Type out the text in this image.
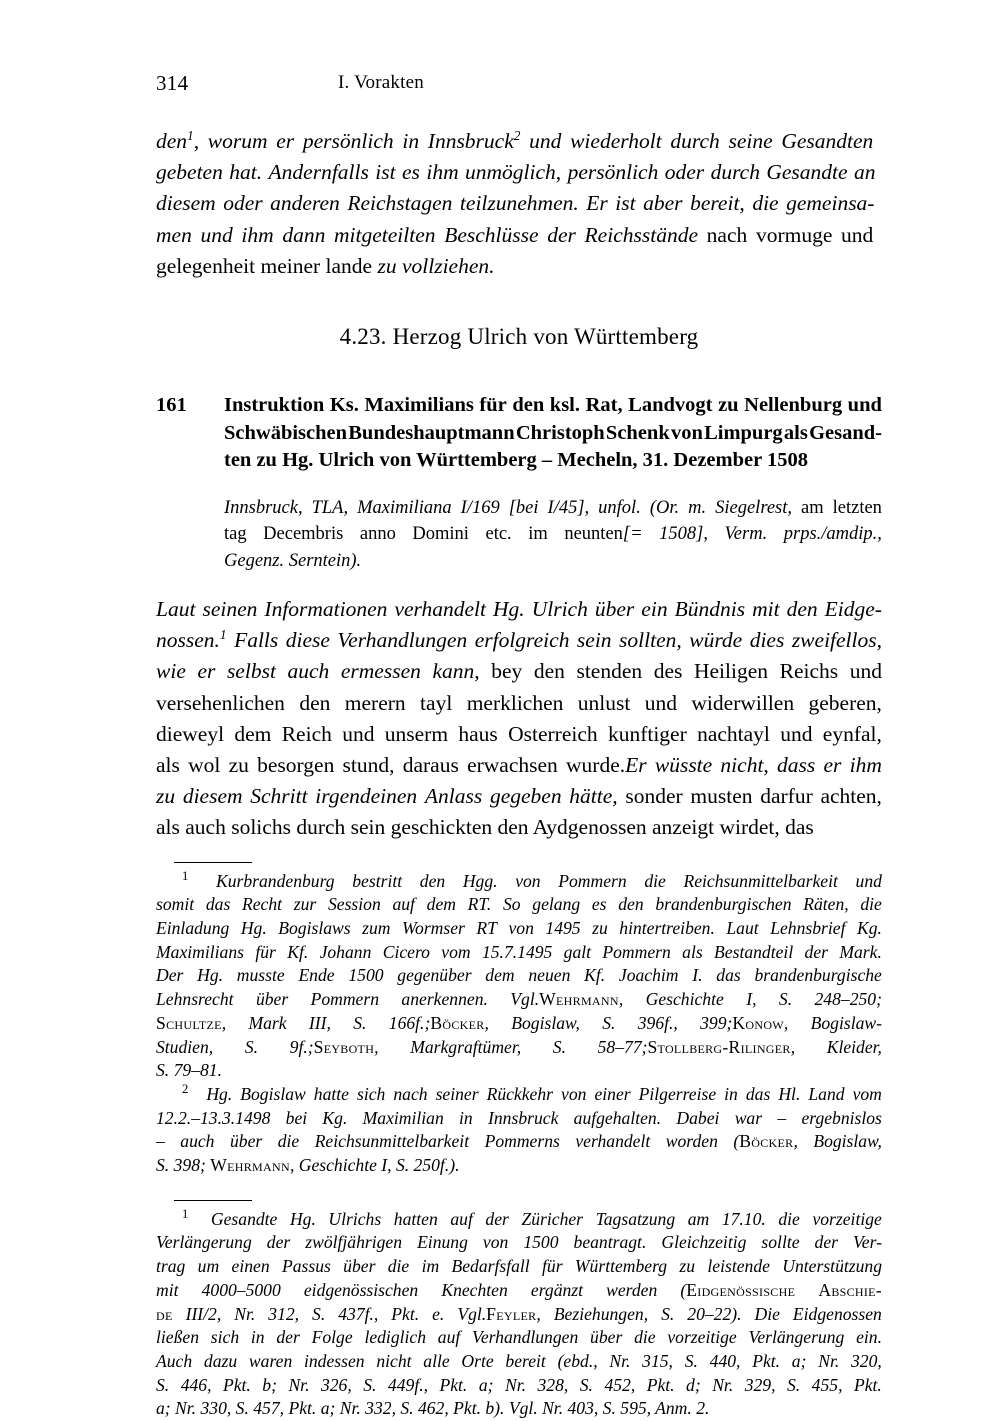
314	I. Vorakten
den$^1$, worum er persönlich in Innsbruck$^2$ und wiederholt durch seine Gesandten
gebeten hat. Andernfalls ist es ihm unmöglich, persönlich oder durch Gesandte an
diesem oder anderen Reichstagen teilzunehmen. Er ist aber bereit, die gemeinsa-
men und ihm dann mitgeteilten Beschlüsse der Reichsstände nach vormuge und
gelegenheit meiner lande zu vollziehen.
4.23. Herzog Ulrich von Württemberg
161 Instruktion Ks. Maximilians für den ksl. Rat, Landvogt zu Nellenburg und
Schwäbischen Bundeshauptmann Christoph Schenk von Limpurg als Gesand-
ten zu Hg. Ulrich von Württemberg – Mecheln, 31. Dezember 1508
Innsbruck, TLA, Maximiliana I/169 [bei I/45], unfol. (Or. m. Siegelrest, am letzten
tag Decembris anno Domini etc. im neunten[= 1508], Verm. prps./amdip.,
Gegenz. Serntein).
Laut seinen Informationen verhandelt Hg. Ulrich über ein Bündnis mit den Eidge-
nossen.$^1$ Falls diese Verhandlungen erfolgreich sein sollten, würde dies zweifellos,
wie er selbst auch ermessen kann, bey den stenden des Heiligen Reichs und
versehenlichen den merern tayl merklichen unlust und widerwillen geberen,
dieweyl dem Reich und unserm haus Osterreich kunftiger nachtayl und eynfal,
als wol zu besorgen stund, daraus erwachsen wurde.Er wüsste nicht, dass er ihm
zu diesem Schritt irgendeinen Anlass gegeben hätte, sonder musten darfur achten,
als auch solichs durch sein geschickten den Aydgenossen anzeigt wirdet, das
$^1$	Kurbrandenburg bestritt den Hgg. von Pommern die Reichsunmittelbarkeit und
somit das Recht zur Session auf dem RT. So gelang es den brandenburgischen Räten, die
Einladung Hg. Bogislaws zum Wormser RT von 1495 zu hintertreiben. Laut Lehnsbrief Kg.
Maximilians für Kf. Johann Cicero vom 15.7.1495 galt Pommern als Bestandteil der Mark.
Der Hg. musste Ende 1500 gegenüber dem neuen Kf. Joachim I. das brandenburgische
Lehnsrecht über Pommern anerkennen. Vgl.Wehrmann, Geschichte I, S. 248–250;
Schultze, Mark III, S. 166f.;Böcker, Bogislaw, S. 396f., 399;Konow, Bogislaw-
Studien, S. 9f.;Seyboth, Markgraftümer, S. 58–77;Stollberg-Rilinger, Kleider,
S. 79–81.
$^2$	Hg. Bogislaw hatte sich nach seiner Rückkehr von einer Pilgerreise in das Hl. Land vom
12.2.–13.3.1498 bei Kg. Maximilian in Innsbruck aufgehalten. Dabei war – ergebnislos
– auch über die Reichsunmittelbarkeit Pommerns verhandelt worden (Böcker, Bogislaw,
S. 398; Wehrmann , Geschichte I, S. 250f.).
$^1$	Gesandte Hg. Ulrichs hatten auf der Züricher Tagsatzung am 17.10. die vorzeitige
Verlängerung der zwölfjährigen Einung von 1500 beantragt. Gleichzeitig sollte der Ver-
trag um einen Passus über die im Bedarfsfall für Württemberg zu leistende Unterstützung
mit 4000–5000 eidgenössischen Knechten ergänzt werden (Eidgenössische Abschie-
de III/2, Nr. 312, S. 437f., Pkt. e. Vgl.Feyler, Beziehungen, S. 20–22). Die Eidgenossen
ließen sich in der Folge lediglich auf Verhandlungen über die vorzeitige Verlängerung ein.
Auch dazu waren indessen nicht alle Orte bereit (ebd., Nr. 315, S. 440, Pkt. a; Nr. 320,
S. 446, Pkt. b; Nr. 326, S. 449f., Pkt. a; Nr. 328, S. 452, Pkt. d; Nr. 329, S. 455, Pkt.
a; Nr. 330, S. 457, Pkt. a; Nr. 332, S. 462, Pkt. b). Vgl. Nr. 403, S. 595, Anm. 2.
